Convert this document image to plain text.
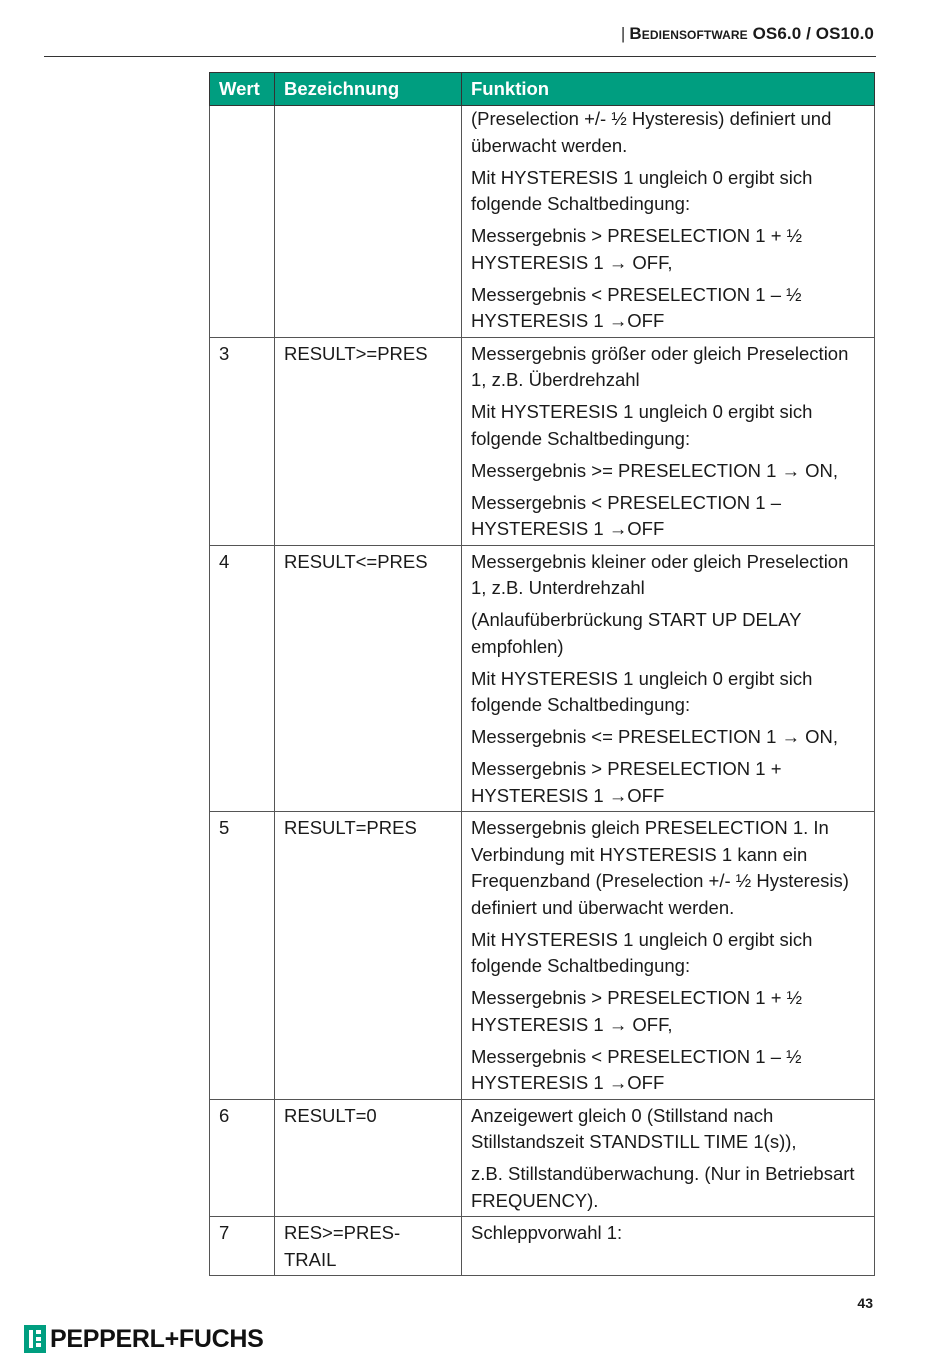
| Bediensoftware OS6.0 / OS10.0
Wert	Bezeichnung	Funktion

		(Preselection +/- ½ Hysteresis) definiert und überwacht werden.
Mit HYSTERESIS 1 ungleich 0 ergibt sich folgende Schaltbedingung:
Messergebnis > PRESELECTION 1 + ½ HYSTERESIS 1 → OFF,
Messergebnis < PRESELECTION 1 – ½ HYSTERESIS 1 →OFF

3	RESULT>=PRES	Messergebnis größer oder gleich Preselection 1, z.B. Überdrehzahl
Mit HYSTERESIS 1 ungleich 0 ergibt sich folgende Schaltbedingung:
Messergebnis >= PRESELECTION 1 → ON,
Messergebnis < PRESELECTION 1 – HYSTERESIS 1 →OFF

4	RESULT<=PRES	Messergebnis kleiner oder gleich Preselection 1, z.B. Unterdrehzahl
(Anlaufüberbrückung START UP DELAY empfohlen)
Mit HYSTERESIS 1 ungleich 0 ergibt sich folgende Schaltbedingung:
Messergebnis <= PRESELECTION 1 → ON,
Messergebnis > PRESELECTION 1 + HYSTERESIS 1 →OFF

5	RESULT=PRES	Messergebnis gleich PRESELECTION 1. In Verbindung mit HYSTERESIS 1 kann ein Frequenzband (Preselection +/- ½ Hysteresis) definiert und überwacht werden.
Mit HYSTERESIS 1 ungleich 0 ergibt sich folgende Schaltbedingung:
Messergebnis > PRESELECTION 1 + ½ HYSTERESIS 1 → OFF,
Messergebnis < PRESELECTION 1 – ½ HYSTERESIS 1 →OFF

6	RESULT=0	Anzeigewert gleich 0 (Stillstand nach Stillstandszeit STANDSTILL TIME 1(s)),
z.B. Stillstandüberwachung. (Nur in Betriebsart FREQUENCY).

7	RES>=PRES-TRAIL	Schleppvorwahl 1:
43
PEPPERL+FUCHS
